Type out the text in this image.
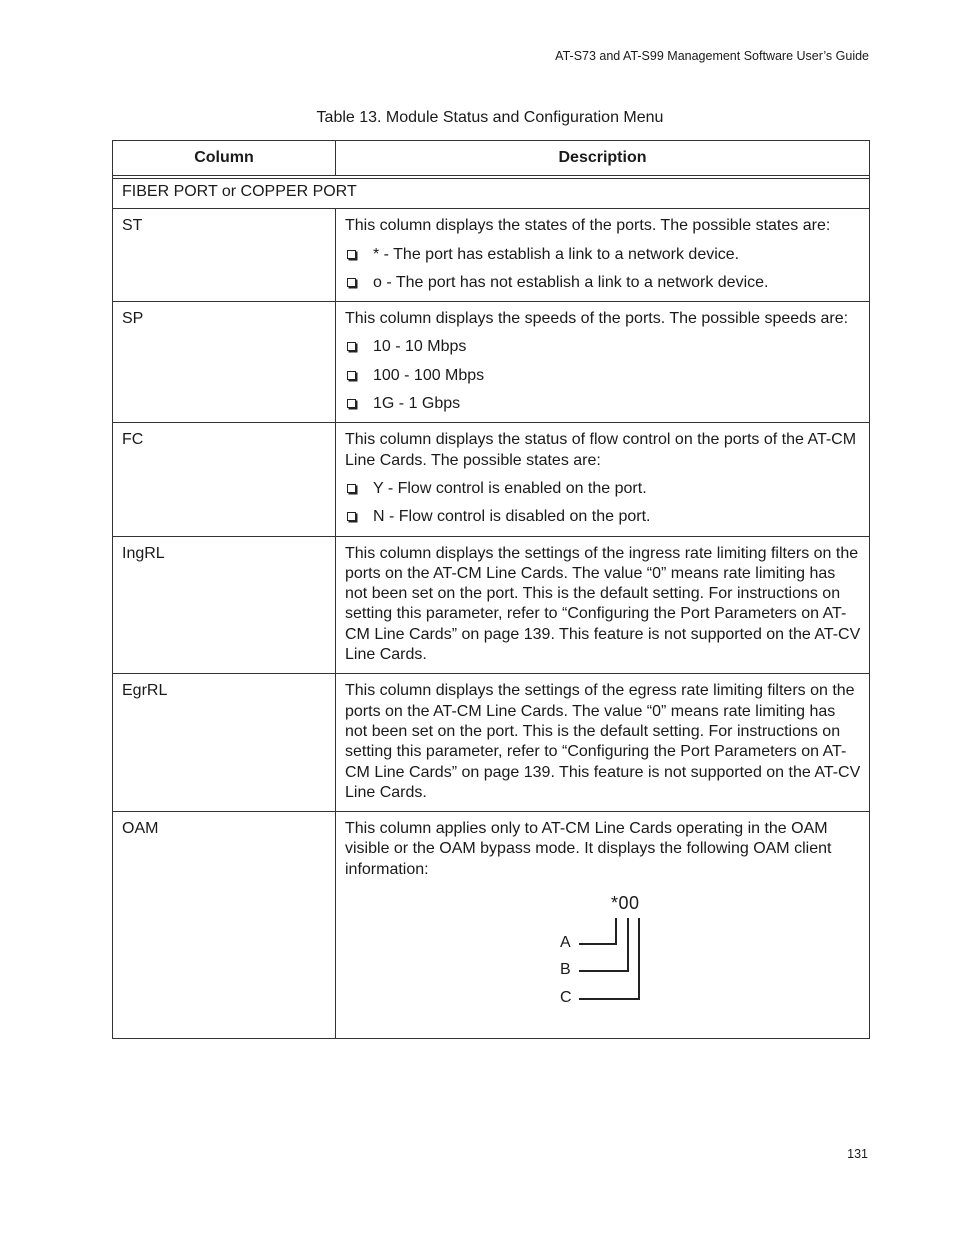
AT-S73 and AT-S99 Management Software User’s Guide
Table 13. Module Status and Configuration Menu
Column	Description

FIBER PORT or COPPER PORT	
ST	This column displays the states of the ports. The possible states are:
* - The port has establish a link to a network device.
o - The port has not establish a link to a network device.

SP	This column displays the speeds of the ports. The possible speeds are:
10 - 10 Mbps
100 - 100 Mbps
1G - 1 Gbps

FC	This column displays the status of flow control on the ports of the AT-CM Line Cards. The possible states are:
Y - Flow control is enabled on the port.
N - Flow control is disabled on the port.

IngRL	This column displays the settings of the ingress rate limiting filters on the ports on the AT-CM Line Cards. The value “0” means rate limiting has not been set on the port. This is the default setting. For instructions on setting this parameter, refer to “Configuring the Port Parameters on AT-CM Line Cards” on page 139. This feature is not supported on the AT-CV Line Cards.

EgrRL	This column displays the settings of the egress rate limiting filters on the ports on the AT-CM Line Cards. The value “0” means rate limiting has not been set on the port. This is the default setting. For instructions on setting this parameter, refer to “Configuring the Port Parameters on AT-CM Line Cards” on page 139. This feature is not supported on the AT-CV Line Cards.

OAM	This column applies only to AT-CM Line Cards operating in the OAM visible or the OAM bypass mode. It displays the following OAM client information:
*00
A
B
C
131
